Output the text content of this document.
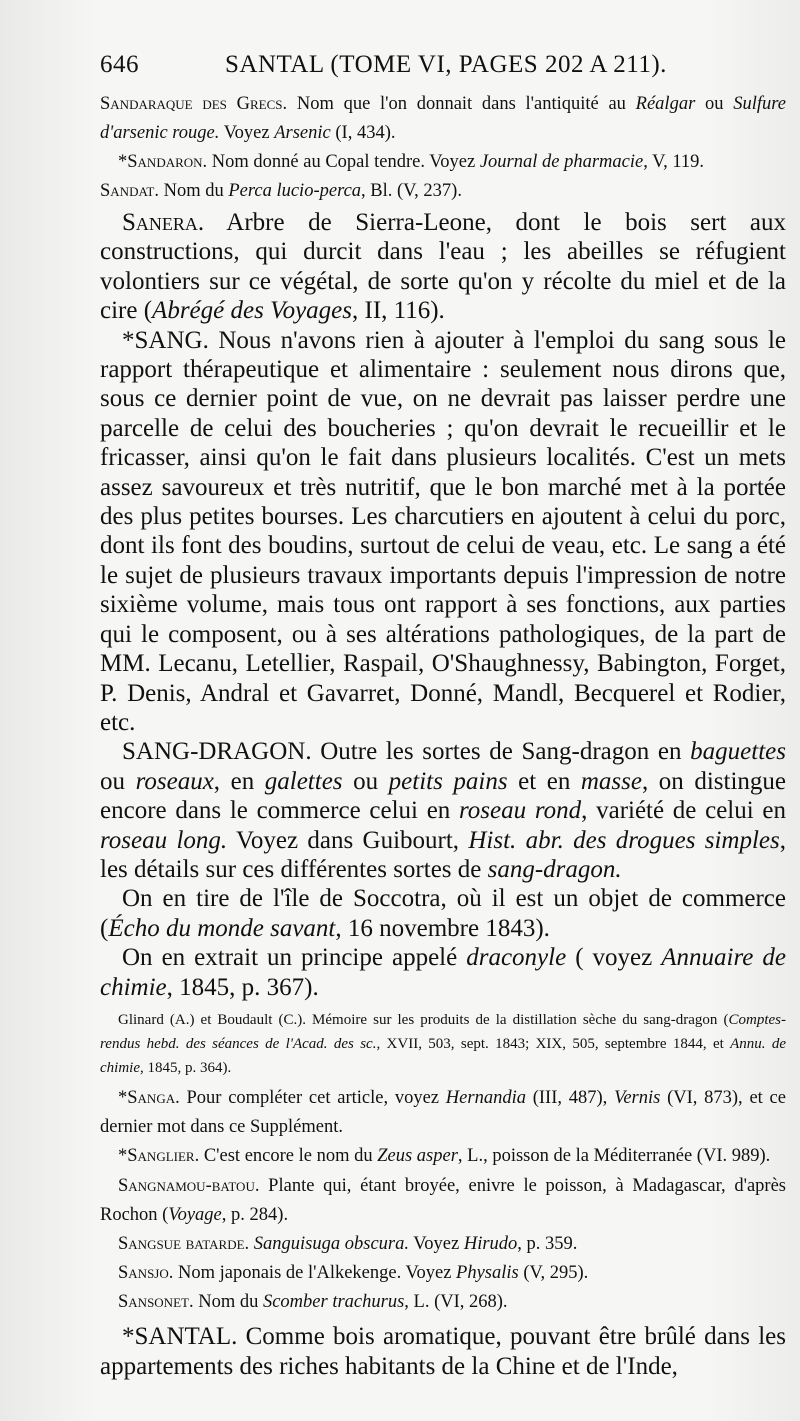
646	SANTAL (TOME VI, PAGES 202 A 211).

Sandaraque des Grecs. Nom que l'on donnait dans l'antiquité au Réalgar ou Sulfure d'arsenic rouge. Voyez Arsenic (I, 434).

*Sandaron. Nom donné au Copal tendre. Voyez Journal de pharmacie, V, 119.

Sandat. Nom du Perca lucio-perca, Bl. (V, 237).

Sanera. Arbre de Sierra-Leone, dont le bois sert aux constructions, qui durcit dans l'eau ; les abeilles se réfugient volontiers sur ce végétal, de sorte qu'on y récolte du miel et de la cire (Abrégé des Voyages, II, 116).

*SANG. Nous n'avons rien à ajouter à l'emploi du sang sous le rapport thérapeutique et alimentaire : seulement nous dirons que, sous ce dernier point de vue, on ne devrait pas laisser perdre une parcelle de celui des boucheries ; qu'on devrait le recueillir et le fricasser, ainsi qu'on le fait dans plusieurs localités. C'est un mets assez savoureux et très nutritif, que le bon marché met à la portée des plus petites bourses. Les charcutiers en ajoutent à celui du porc, dont ils font des boudins, surtout de celui de veau, etc. Le sang a été le sujet de plusieurs travaux importants depuis l'impression de notre sixième volume, mais tous ont rapport à ses fonctions, aux parties qui le composent, ou à ses altérations pathologiques, de la part de MM. Lecanu, Letellier, Raspail, O'Shaughnessy, Babington, Forget, P. Denis, Andral et Gavarret, Donné, Mandl, Becquerel et Rodier, etc.

SANG-DRAGON. Outre les sortes de Sang-dragon en baguettes ou roseaux, en galettes ou petits pains et en masse, on distingue encore dans le commerce celui en roseau rond, variété de celui en roseau long. Voyez dans Guibourt, Hist. abr. des drogues simples, les détails sur ces différentes sortes de sang-dragon.

On en tire de l'île de Soccotra, où il est un objet de commerce (Écho du monde savant, 16 novembre 1843).

On en extrait un principe appelé draconyle ( voyez Annuaire de chimie, 1845, p. 367).

Glinard (A.) et Boudault (C.). Mémoire sur les produits de la distillation sèche du sang-dragon (Comptes-rendus hebd. des séances de l'Acad. des sc., XVII, 503, sept. 1843; XIX, 505, septembre 1844, et Annu. de chimie, 1845, p. 364).

*Sanga. Pour compléter cet article, voyez Hernandia (III, 487), Vernis (VI, 873), et ce dernier mot dans ce Supplément.

*Sanglier. C'est encore le nom du Zeus asper, L., poisson de la Méditerranée (VI. 989).

Sangnamou-batou. Plante qui, étant broyée, enivre le poisson, à Madagascar, d'après Rochon (Voyage, p. 284).

Sangsue batarde. Sanguisuga obscura. Voyez Hirudo, p. 359.

Sansjo. Nom japonais de l'Alkekenge. Voyez Physalis (V, 295).

Sansonet. Nom du Scomber trachurus, L. (VI, 268).

*SANTAL. Comme bois aromatique, pouvant être brûlé dans les appartements des riches habitants de la Chine et de l'Inde,
